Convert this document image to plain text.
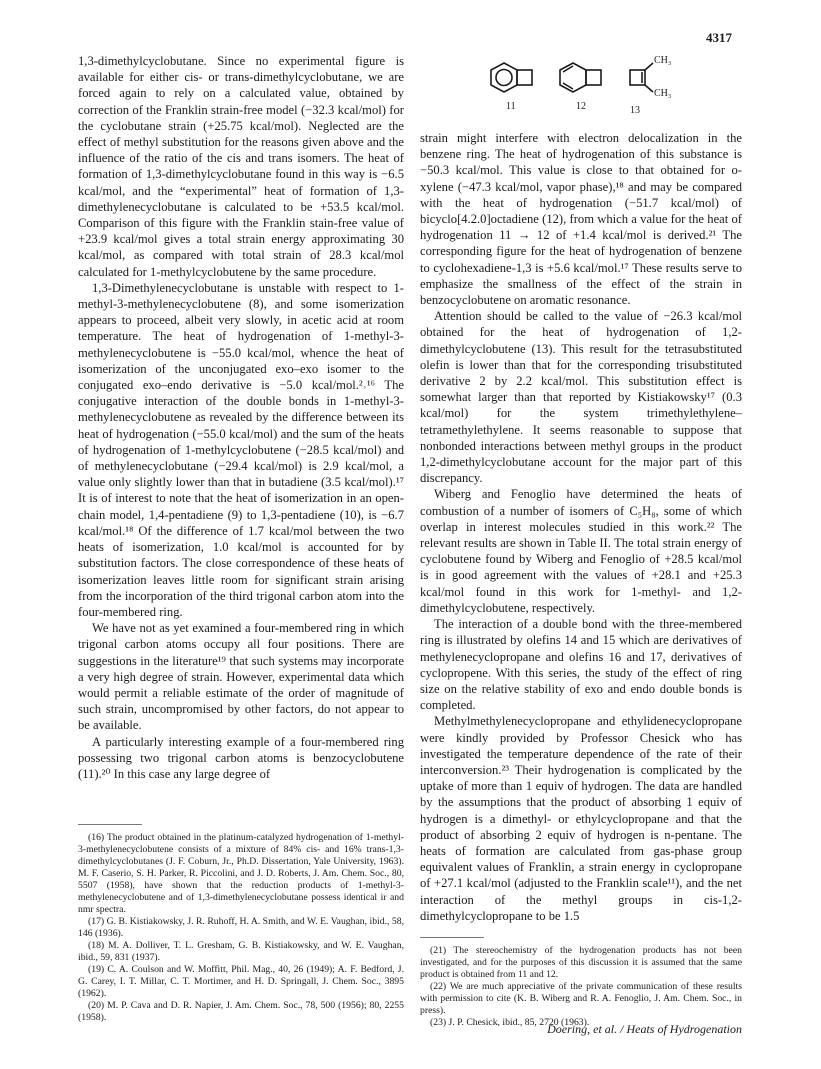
4317
CH₃
CH₃
11	12	13

1,3-dimethylcyclobutane. Since no experimental figure is available for either cis- or trans-dimethylcyclobutane, we are forced again to rely on a calculated value, obtained by correction of the Franklin strain-free model (−32.3 kcal/mol) for the cyclobutane strain (+25.75 kcal/mol). Neglected are the effect of methyl substitution for the reasons given above and the influence of the ratio of the cis and trans isomers. The heat of formation of 1,3-dimethylcyclobutane found in this way is −6.5 kcal/mol, and the “experimental” heat of formation of 1,3-dimethylenecyclobutane is calculated to be +53.5 kcal/mol. Comparison of this figure with the Franklin stain-free value of +23.9 kcal/mol gives a total strain energy approximating 30 kcal/mol, as compared with total strain of 28.3 kcal/mol calculated for 1-methylcyclobutene by the same procedure.

1,3-Dimethylenecyclobutane is unstable with respect to 1-methyl-3-methylenecyclobutene (8), and some isomerization appears to proceed, albeit very slowly, in acetic acid at room temperature. The heat of hydrogenation of 1-methyl-3-methylenecyclobutene is −55.0 kcal/mol, whence the heat of isomerization of the unconjugated exo–exo isomer to the conjugated exo–endo derivative is −5.0 kcal/mol.²˒¹⁶ The conjugative interaction of the double bonds in 1-methyl-3-methylenecyclobutene as revealed by the difference between its heat of hydrogenation (−55.0 kcal/mol) and the sum of the heats of hydrogenation of 1-methylcyclobutene (−28.5 kcal/mol) and of methylenecyclobutane (−29.4 kcal/mol) is 2.9 kcal/mol, a value only slightly lower than that in butadiene (3.5 kcal/mol).¹⁷ It is of interest to note that the heat of isomerization in an open-chain model, 1,4-pentadiene (9) to 1,3-pentadiene (10), is −6.7 kcal/mol.¹⁸ Of the difference of 1.7 kcal/mol between the two heats of isomerization, 1.0 kcal/mol is accounted for by substitution factors. The close correspondence of these heats of isomerization leaves little room for significant strain arising from the incorporation of the third trigonal carbon atom into the four-membered ring.

We have not as yet examined a four-membered ring in which trigonal carbon atoms occupy all four positions. There are suggestions in the literature¹⁹ that such systems may incorporate a very high degree of strain. However, experimental data which would permit a reliable estimate of the order of magnitude of such strain, uncompromised by other factors, do not appear to be available.

A particularly interesting example of a four-membered ring possessing two trigonal carbon atoms is benzocyclobutene (11).²⁰ In this case any large degree of

strain might interfere with electron delocalization in the benzene ring. The heat of hydrogenation of this substance is −50.3 kcal/mol. This value is close to that obtained for o-xylene (−47.3 kcal/mol, vapor phase),¹⁸ and may be compared with the heat of hydrogenation (−51.7 kcal/mol) of bicyclo[4.2.0]octadiene (12), from which a value for the heat of hydrogenation 11 → 12 of +1.4 kcal/mol is derived.²¹ The corresponding figure for the heat of hydrogenation of benzene to cyclohexadiene-1,3 is +5.6 kcal/mol.¹⁷ These results serve to emphasize the smallness of the effect of the strain in benzocyclobutene on aromatic resonance.

Attention should be called to the value of −26.3 kcal/mol obtained for the heat of hydrogenation of 1,2-dimethylcyclobutene (13). This result for the tetrasubstituted olefin is lower than that for the corresponding trisubstituted derivative 2 by 2.2 kcal/mol. This substitution effect is somewhat larger than that reported by Kistiakowsky¹⁷ (0.3 kcal/mol) for the system trimethylethylene–tetramethylethylene. It seems reasonable to suppose that nonbonded interactions between methyl groups in the product 1,2-dimethylcyclobutane account for the major part of this discrepancy.

Wiberg and Fenoglio have determined the heats of combustion of a number of isomers of C₅H₈, some of which overlap in interest molecules studied in this work.²² The relevant results are shown in Table II. The total strain energy of cyclobutene found by Wiberg and Fenoglio of +28.5 kcal/mol is in good agreement with the values of +28.1 and +25.3 kcal/mol found in this work for 1-methyl- and 1,2-dimethylcyclobutene, respectively.

The interaction of a double bond with the three-membered ring is illustrated by olefins 14 and 15 which are derivatives of methylenecyclopropane and olefins 16 and 17, derivatives of cyclopropene. With this series, the study of the effect of ring size on the relative stability of exo and endo double bonds is completed.

Methylmethylenecyclopropane and ethylidenecyclopropane were kindly provided by Professor Chesick who has investigated the temperature dependence of the rate of their interconversion.²³ Their hydrogenation is complicated by the uptake of more than 1 equiv of hydrogen. The data are handled by the assumptions that the product of absorbing 1 equiv of hydrogen is a dimethyl- or ethylcyclopropane and that the product of absorbing 2 equiv of hydrogen is n-pentane. The heats of formation are calculated from gas-phase group equivalent values of Franklin, a strain energy in cyclopropane of +27.1 kcal/mol (adjusted to the Franklin scale¹¹), and the net interaction of the methyl groups in cis-1,2-dimethylcyclopropane to be 1.5

(16) The product obtained in the platinum-catalyzed hydrogenation of 1-methyl-3-methylenecyclobutene consists of a mixture of 84% cis- and 16% trans-1,3-dimethylcyclobutanes (J. F. Coburn, Jr., Ph.D. Dissertation, Yale University, 1963). M. F. Caserio, S. H. Parker, R. Piccolini, and J. D. Roberts, J. Am. Chem. Soc., 80, 5507 (1958), have shown that the reduction products of 1-methyl-3-methylenecyclobutene and of 1,3-dimethylenecyclobutane possess identical ir and nmr spectra.

(17) G. B. Kistiakowsky, J. R. Ruhoff, H. A. Smith, and W. E. Vaughan, ibid., 58, 146 (1936).

(18) M. A. Dolliver, T. L. Gresham, G. B. Kistiakowsky, and W. E. Vaughan, ibid., 59, 831 (1937).

(19) C. A. Coulson and W. Moffitt, Phil. Mag., 40, 26 (1949); A. F. Bedford, J. G. Carey, I. T. Millar, C. T. Mortimer, and H. D. Springall, J. Chem. Soc., 3895 (1962).

(20) M. P. Cava and D. R. Napier, J. Am. Chem. Soc., 78, 500 (1956); 80, 2255 (1958).

(21) The stereochemistry of the hydrogenation products has not been investigated, and for the purposes of this discussion it is assumed that the same product is obtained from 11 and 12.

(22) We are much appreciative of the private communication of these results with permission to cite (K. B. Wiberg and R. A. Fenoglio, J. Am. Chem. Soc., in press).

(23) J. P. Chesick, ibid., 85, 2720 (1963).

Doering, et al. / Heats of Hydrogenation
